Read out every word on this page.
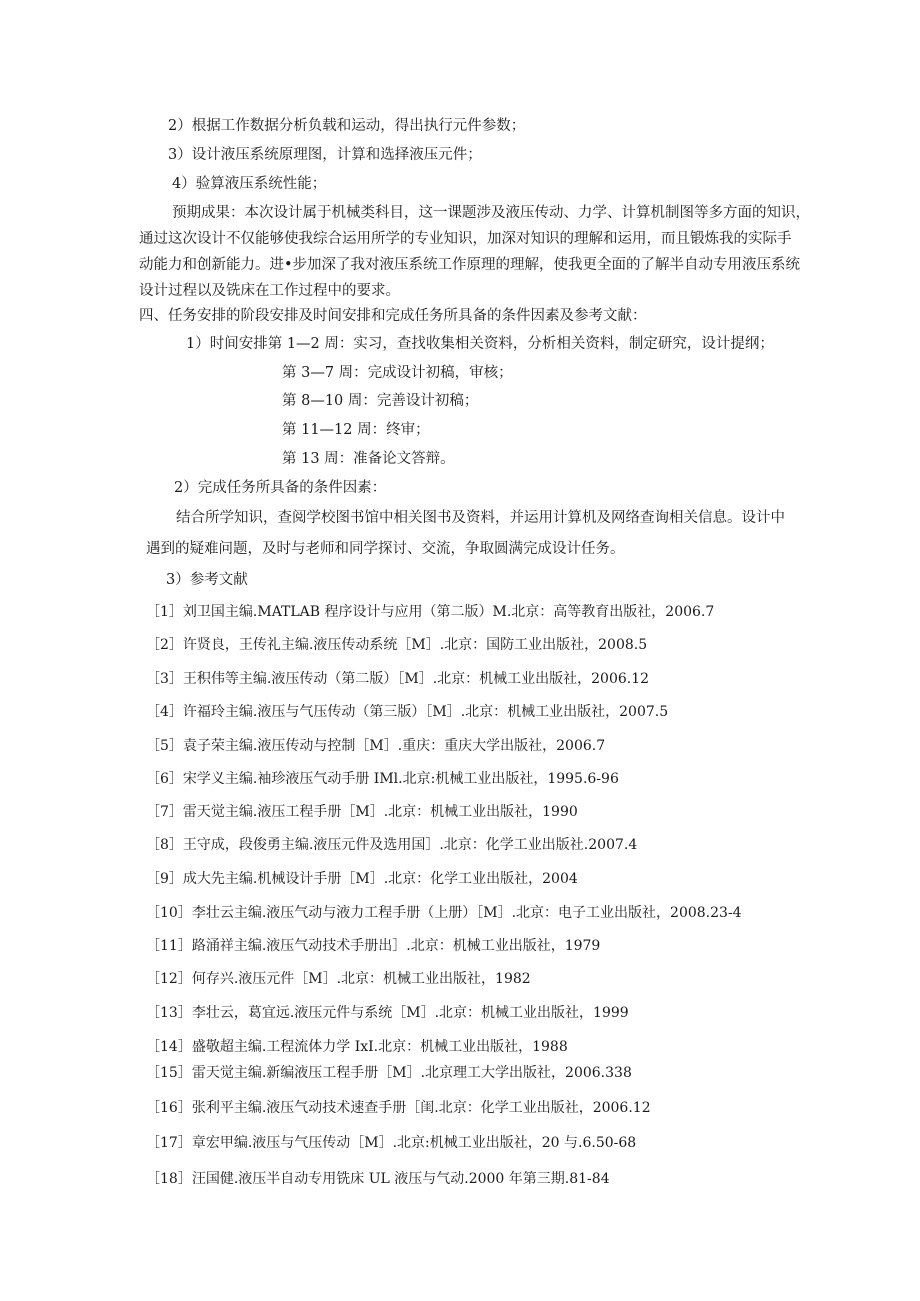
2）根据工作数据分析负载和运动，得出执行元件参数；
3）设计液压系统原理图，计算和选择液压元件；
4）验算液压系统性能；
预期成果：本次设计属于机械类科目，这一课题涉及液压传动、力学、计算机制图等多方面的知识，
通过这次设计不仅能够使我综合运用所学的专业知识，加深对知识的理解和运用，而且锻炼我的实际手
动能力和创新能力。进•步加深了我对液压系统工作原理的理解，使我更全面的了解半自动专用液压系统
设计过程以及铣床在工作过程中的要求。
四、任务安排的阶段安排及时间安排和完成任务所具备的条件因素及参考文献：
1）时间安排第 1—2 周：实习，查找收集相关资料，分析相关资料，制定研究，设计提纲；
第 3—7 周：完成设计初稿，审核；
第 8—10 周：完善设计初稿；
第 11—12 周：终审；
第 13 周：准备论文答辩。
2）完成任务所具备的条件因素：
结合所学知识，查阅学校图书馆中相关图书及资料，并运用计算机及网络查询相关信息。设计中
遇到的疑难问题，及时与老师和同学探讨、交流，争取圆满完成设计任务。
3）参考文献
［1］刘卫国主编.MATLAB 程序设计与应用（第二版）M.北京：高等教育出版社，2006.7
［2］许贤良，王传礼主编.液压传动系统［M］.北京：国防工业出版社，2008.5
［3］王积伟等主编.液压传动（第二版）［M］.北京：机械工业出版社，2006.12
［4］许福玲主编.液压与气压传动（第三版）［M］.北京：机械工业出版社，2007.5
［5］袁子荣主编.液压传动与控制［M］.重庆：重庆大学出版社，2006.7
［6］宋学义主编.袖珍液压气动手册 IMl.北京:机械工业出版社，1995.6-96
［7］雷天觉主编.液压工程手册［M］.北京：机械工业出版社，1990
［8］王守成，段俊勇主编.液压元件及选用国］.北京：化学工业出版社.2007.4
［9］成大先主编.机械设计手册［M］.北京：化学工业出版社，2004
［10］李壮云主编.液压气动与液力工程手册（上册）［M］.北京：电子工业出版社，2008.23-4
［11］路涌祥主编.液压气动技术手册出］.北京：机械工业出版社，1979
［12］何存兴.液压元件［M］.北京：机械工业出版社，1982
［13］李壮云，葛宜远.液压元件与系统［M］.北京：机械工业出版社，1999
［14］盛敬超主编.工程流体力学 IxI.北京：机械工业出版社，1988
［15］雷天觉主编.新编液压工程手册［M］.北京理工大学出版社，2006.338
［16］张利平主编.液压气动技术速查手册［闺.北京：化学工业出版社，2006.12
［17］章宏甲编.液压与气压传动［M］.北京:机械工业出版社，20 与.6.50-68
［18］汪国健.液压半自动专用铣床 UL 液压与气动.2000 年第三期.81-84
